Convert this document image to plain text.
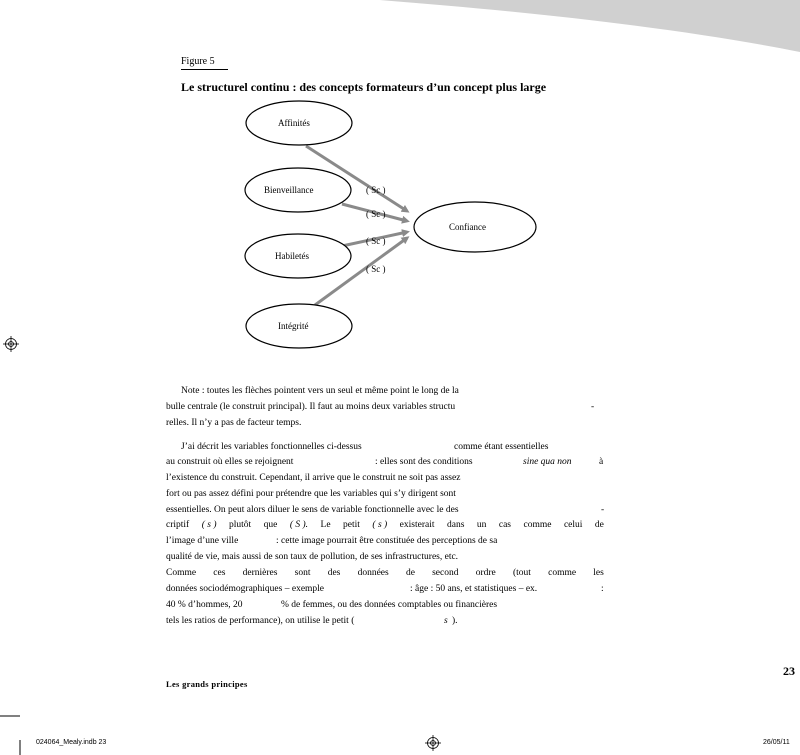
Figure 5
Le structurel continu : des concepts formateurs d’un concept plus large
( Sc )
( Sc )
( Sc )
( Sc )
Affinités
Bienveillance
Habiletés
Intégrité
Confiance
Note : toutes les flèches pointent vers un seul et même point le long de la
bulle centrale (le construit principal). Il faut au moins deux variables structu	-
relles. Il n’y a pas de facteur temps.
J’ai décrit les variables fonctionnelles ci-dessus	comme étant essentielles
au construit où elles se rejoignent	: elles sont des conditions	sine qua non	à
l’existence du construit. Cependant, il arrive que le construit ne soit pas assez
fort ou pas assez défini pour prétendre que les variables qui s’y dirigent sont
essentielles. On peut alors diluer le sens de variable fonctionnelle avec le des	-
criptif ( s ) plutôt que ( S ). Le petit ( s ) existerait dans un cas comme celui de
l’image d’une ville	: cette image pourrait être constituée des perceptions de sa
qualité de vie, mais aussi de son taux de pollution, de ses infrastructures, etc.
Comme ces dernières sont des données de second ordre (tout comme les
données sociodémographiques – exemple	: âge : 50 ans, et statistiques – ex.	:
40 % d’hommes, 20	% de femmes, ou des données comptables ou financières
tels les ratios de performance), on utilise le petit (	s ).
23
Les grands principes
024064_Mealy.indb 23	26/05/11
